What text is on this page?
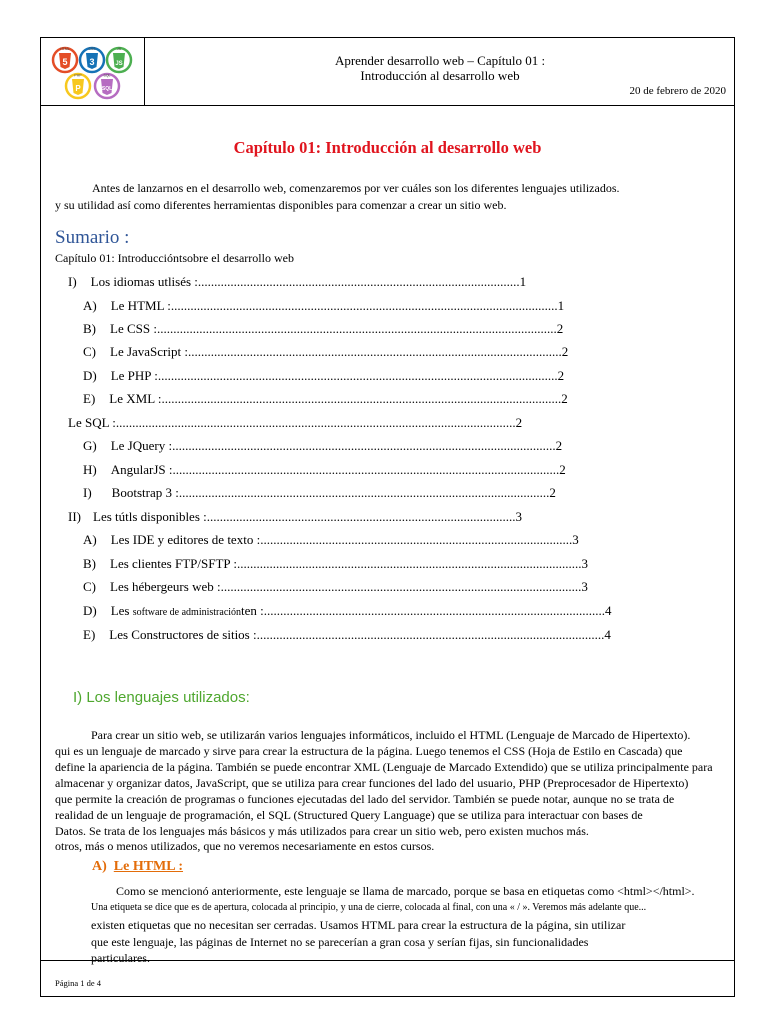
5
HTML
3
CSS
JS
JS
P
PHP
SQL
SQL
Aprender desarrollo web – Capítulo 01 :
Introducción al desarrollo web
20 de febrero de 2020
Capítulo 01: Introducción al desarrollo web
Antes de lanzarnos en el desarrollo web, comenzaremos por ver cuáles son los diferentes lenguajes utilizados.
y su utilidad así como diferentes herramientas disponibles para comenzar a crear un sitio web.
Sumario :
Capítulo 01: Introduccióntsobre el desarrollo web
I) Los idiomas utlisés :...................................................................................................1
A) Le HTML :.......................................................................................................................1
B) Le CSS :...........................................................................................................................2
C) Le JavaScript :...................................................................................................................2
D) Le PHP :...........................................................................................................................2
E) Le XML :...........................................................................................................................2
Le SQL :...........................................................................................................................2
G) Le JQuery :......................................................................................................................2
H) AngularJS :.......................................................................................................................2
I) Bootstrap 3 :..................................................................................................................2
II) Les tútls disponibles :...............................................................................................3
A) Les IDE y editores de texto :................................................................................................3
B) Les clientes FTP/SFTP :..........................................................................................................3
C) Les hébergeurs web :...............................................................................................................3
D) Les software de administraciónten :.........................................................................................................4
E) Les Constructores de sitios :...........................................................................................................4
I) Los lenguajes utilizados:
Para crear un sitio web, se utilizarán varios lenguajes informáticos, incluido el HTML (Lenguaje de Marcado de Hipertexto).
qui es un lenguaje de marcado y sirve para crear la estructura de la página. Luego tenemos el CSS (Hoja de Estilo en Cascada) que
define la apariencia de la página. También se puede encontrar XML (Lenguaje de Marcado Extendido) que se utiliza principalmente para
almacenar y organizar datos, JavaScript, que se utiliza para crear funciones del lado del usuario, PHP (Preprocesador de Hipertexto)
que permite la creación de programas o funciones ejecutadas del lado del servidor. También se puede notar, aunque no se trata de
realidad de un lenguaje de programación, el SQL (Structured Query Language) que se utiliza para interactuar con bases de
Datos. Se trata de los lenguajes más básicos y más utilizados para crear un sitio web, pero existen muchos más.
otros, más o menos utilizados, que no veremos necesariamente en estos cursos.
A) Le HTML :
Como se mencionó anteriormente, este lenguaje se llama de marcado, porque se basa en etiquetas como <html></html>.
Una etiqueta se dice que es de apertura, colocada al principio, y una de cierre, colocada al final, con una « / ». Veremos más adelante que...
existen etiquetas que no necesitan ser cerradas. Usamos HTML para crear la estructura de la página, sin utilizar
que este lenguaje, las páginas de Internet no se parecerían a gran cosa y serían fijas, sin funcionalidades
particulares.
Página 1 de 4
